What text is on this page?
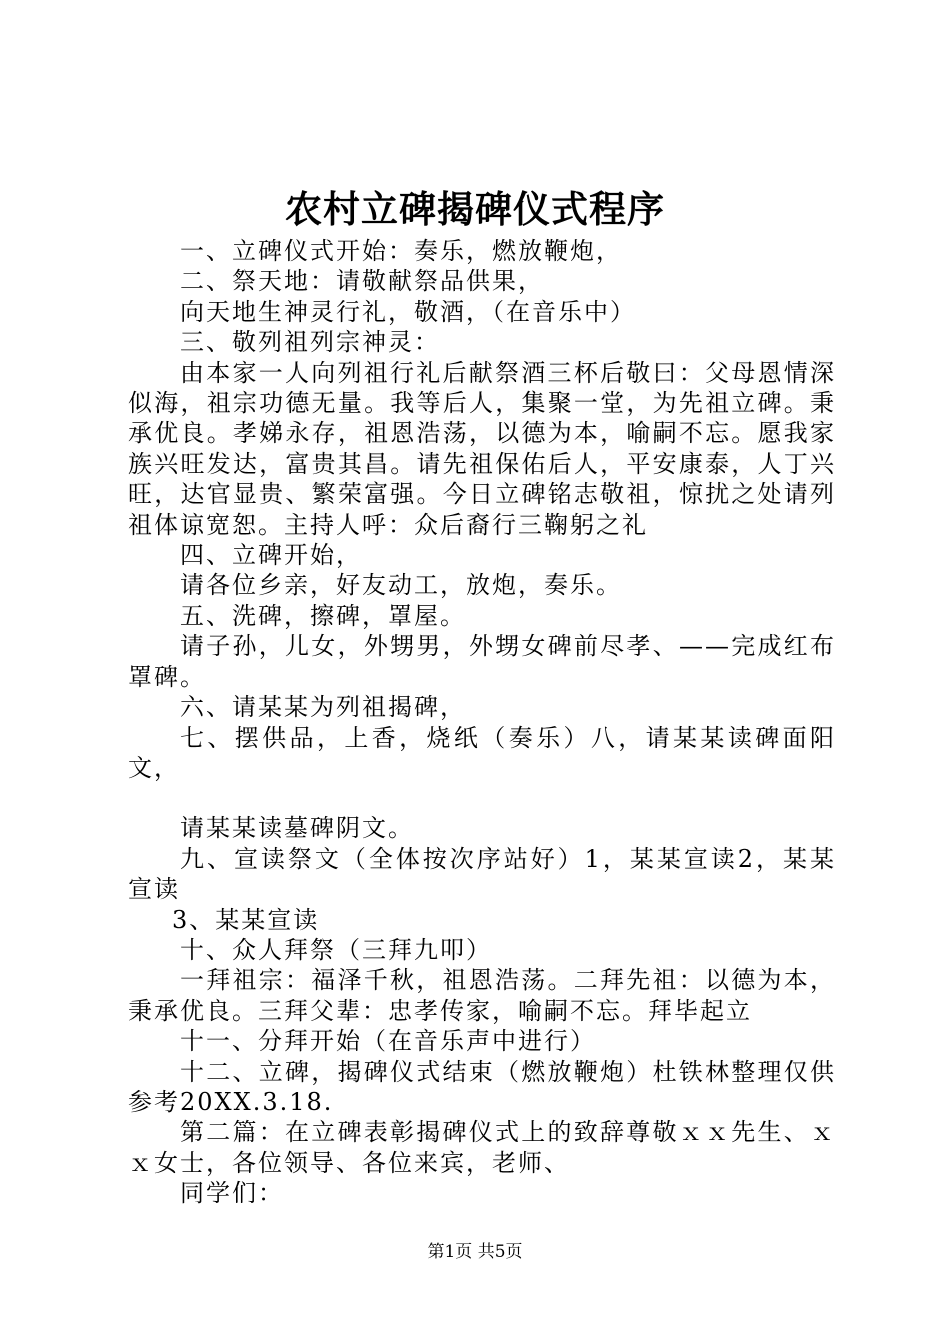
农村立碑揭碑仪式程序

一、立碑仪式开始：奏乐，燃放鞭炮，

二、祭天地：请敬献祭品供果，

向天地生神灵行礼，敬酒，（在音乐中）

三、敬列祖列宗神灵：

由本家一人向列祖行礼后献祭酒三杯后敬曰：父母恩情深似海，祖宗功德无量。我等后人，集聚一堂，为先祖立碑。秉承优良。孝娣永存，祖恩浩荡，以德为本，喻嗣不忘。愿我家族兴旺发达，富贵其昌。请先祖保佑后人，平安康泰，人丁兴旺，达官显贵、繁荣富强。今日立碑铭志敬祖，惊扰之处请列祖体谅宽恕。主持人呼：众后裔行三鞠躬之礼

四、立碑开始，

请各位乡亲，好友动工，放炮，奏乐。

五、洗碑，擦碑，罩屋。

请子孙，儿女，外甥男，外甥女碑前尽孝、——完成红布罩碑。

六、请某某为列祖揭碑，

七、摆供品，上香，烧纸（奏乐）八，请某某读碑面阳文，

请某某读墓碑阴文。

九、宣读祭文（全体按次序站好）1，某某宣读2，某某宣读

3、某某宣读

十、众人拜祭（三拜九叩）

一拜祖宗：福泽千秋，祖恩浩荡。二拜先祖：以德为本，秉承优良。三拜父辈：忠孝传家，喻嗣不忘。拜毕起立

十一、分拜开始（在音乐声中进行）

十二、立碑，揭碑仪式结束（燃放鞭炮）杜铁林整理仅供参考20XX.3.18.

第二篇：在立碑表彰揭碑仪式上的致辞尊敬ｘｘ先生、ｘｘ女士，各位领导、各位来宾，老师、

同学们：

第1页 共5页
